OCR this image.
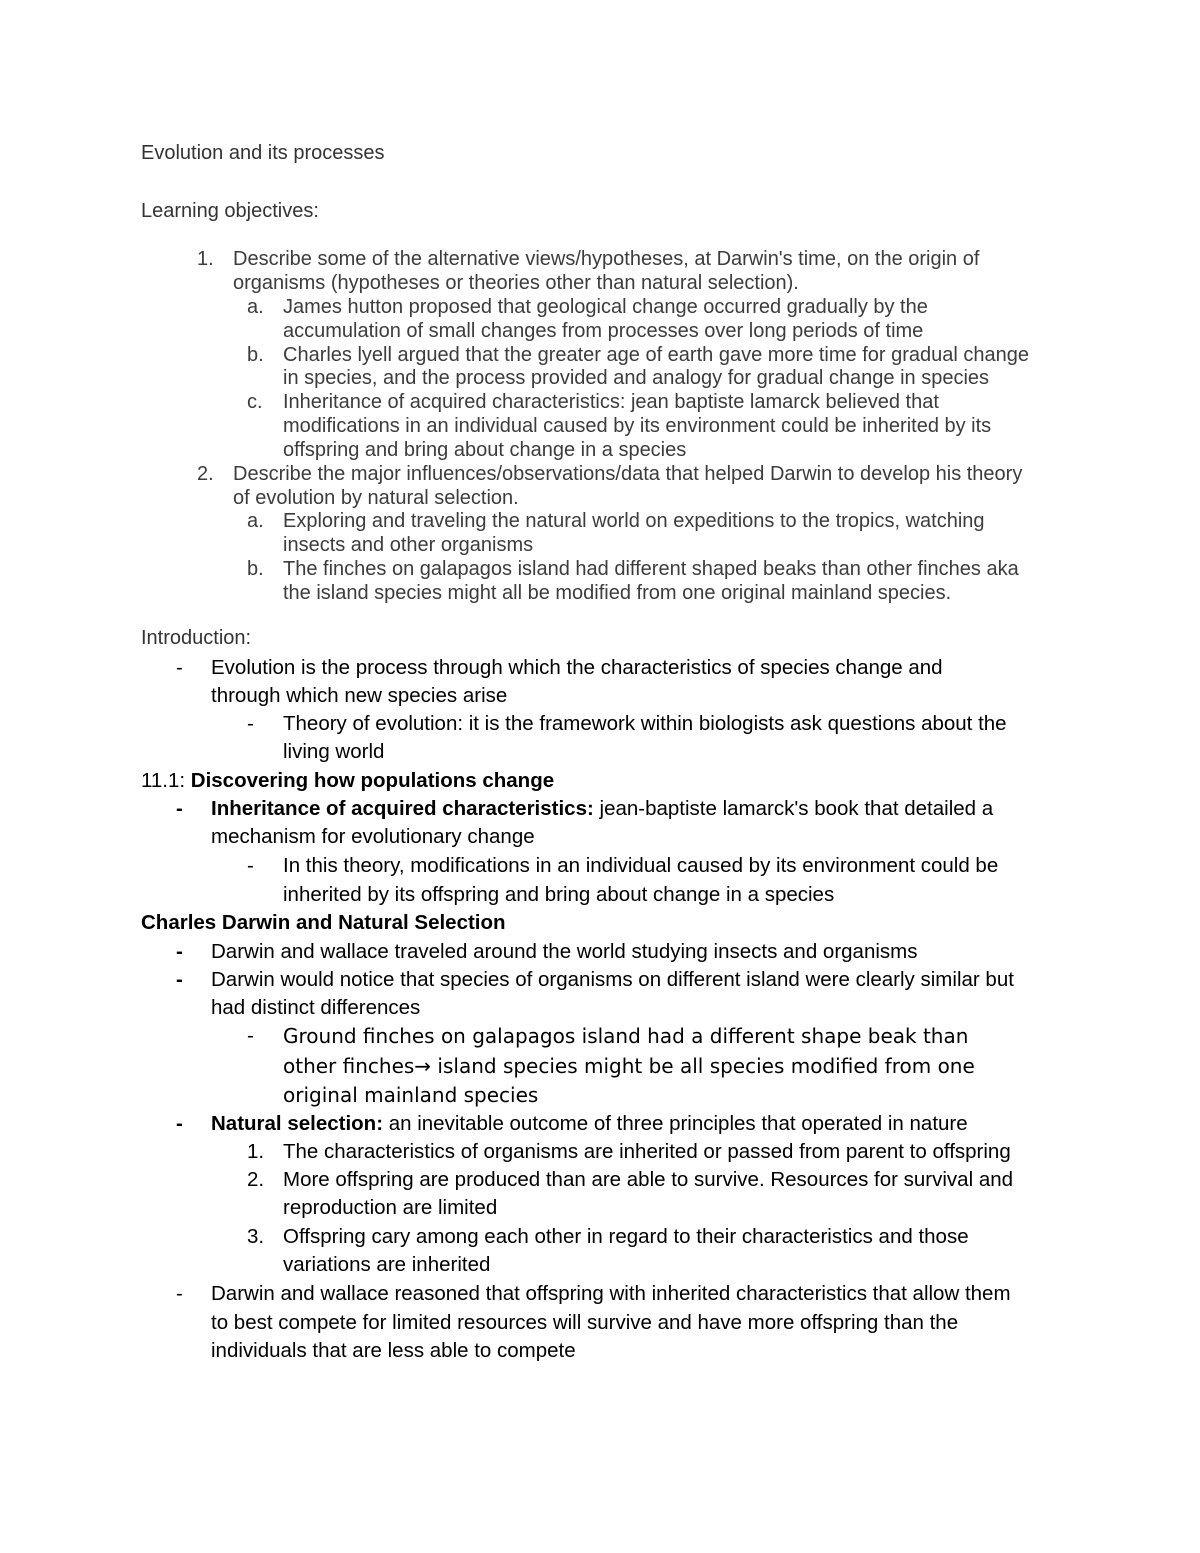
Evolution and its processes
Learning objectives:
1. Describe some of the alternative views/hypotheses, at Darwin's time, on the origin of
organisms (hypotheses or theories other than natural selection).
a. James hutton proposed that geological change occurred gradually by the
accumulation of small changes from processes over long periods of time
b. Charles lyell argued that the greater age of earth gave more time for gradual change
in species, and the process provided and analogy for gradual change in species
c. Inheritance of acquired characteristics: jean baptiste lamarck believed that
modifications in an individual caused by its environment could be inherited by its
offspring and bring about change in a species
2. Describe the major influences/observations/data that helped Darwin to develop his theory
of evolution by natural selection.
a. Exploring and traveling the natural world on expeditions to the tropics, watching
insects and other organisms
b. The finches on galapagos island had different shaped beaks than other finches aka
the island species might all be modified from one original mainland species.
Introduction:
- Evolution is the process through which the characteristics of species change and
through which new species arise
- Theory of evolution: it is the framework within biologists ask questions about the
living world
11.1: Discovering how populations change
- Inheritance of acquired characteristics: jean-baptiste lamarck's book that detailed a
mechanism for evolutionary change
- In this theory, modifications in an individual caused by its environment could be
inherited by its offspring and bring about change in a species
Charles Darwin and Natural Selection
- Darwin and wallace traveled around the world studying insects and organisms
- Darwin would notice that species of organisms on different island were clearly similar but
had distinct differences
- Ground finches on galapagos island had a different shape beak than
other finches→ island species might be all species modified from one
original mainland species
- Natural selection: an inevitable outcome of three principles that operated in nature
1. The characteristics of organisms are inherited or passed from parent to offspring
2. More offspring are produced than are able to survive. Resources for survival and
reproduction are limited
3. Offspring cary among each other in regard to their characteristics and those
variations are inherited
- Darwin and wallace reasoned that offspring with inherited characteristics that allow them
to best compete for limited resources will survive and have more offspring than the
individuals that are less able to compete
